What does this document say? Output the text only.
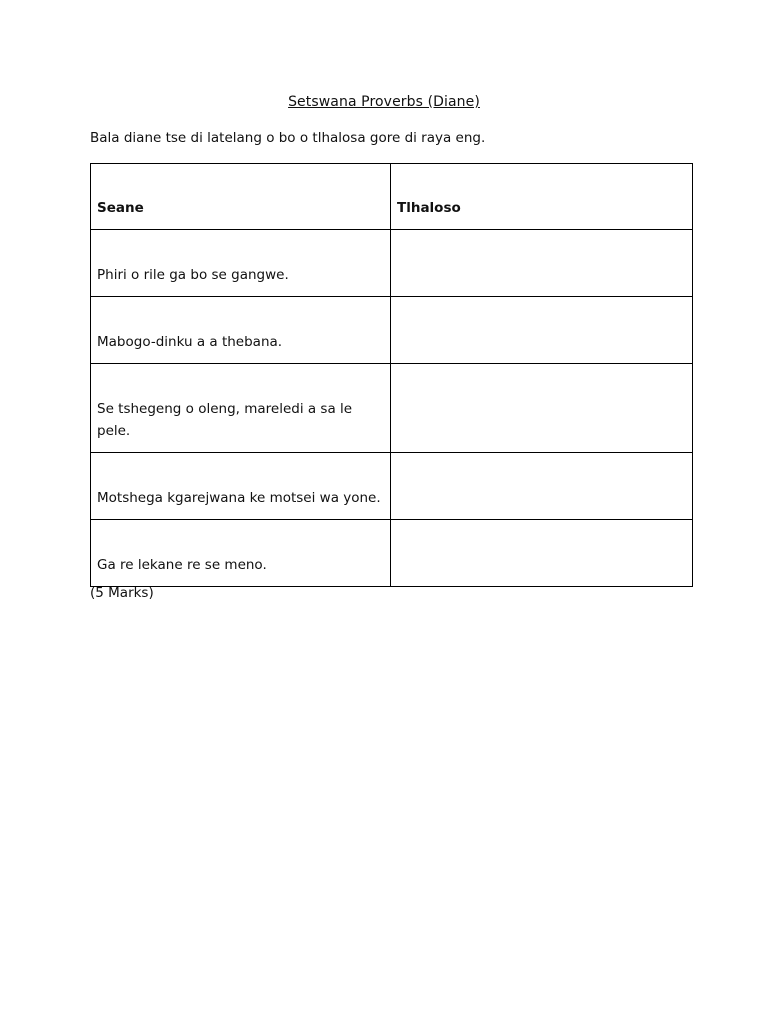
Setswana Proverbs (Diane)
Bala diane tse di latelang o bo o tlhalosa gore di raya eng.
Seane	Tlhaloso
Phiri o rile ga bo se gangwe.	
Mabogo-dinku a a thebana.	
Se tshegeng o oleng, mareledi a sa le pele.	
Motshega kgarejwana ke motsei wa yone.	
Ga re lekane re se meno.	
(5 Marks)
